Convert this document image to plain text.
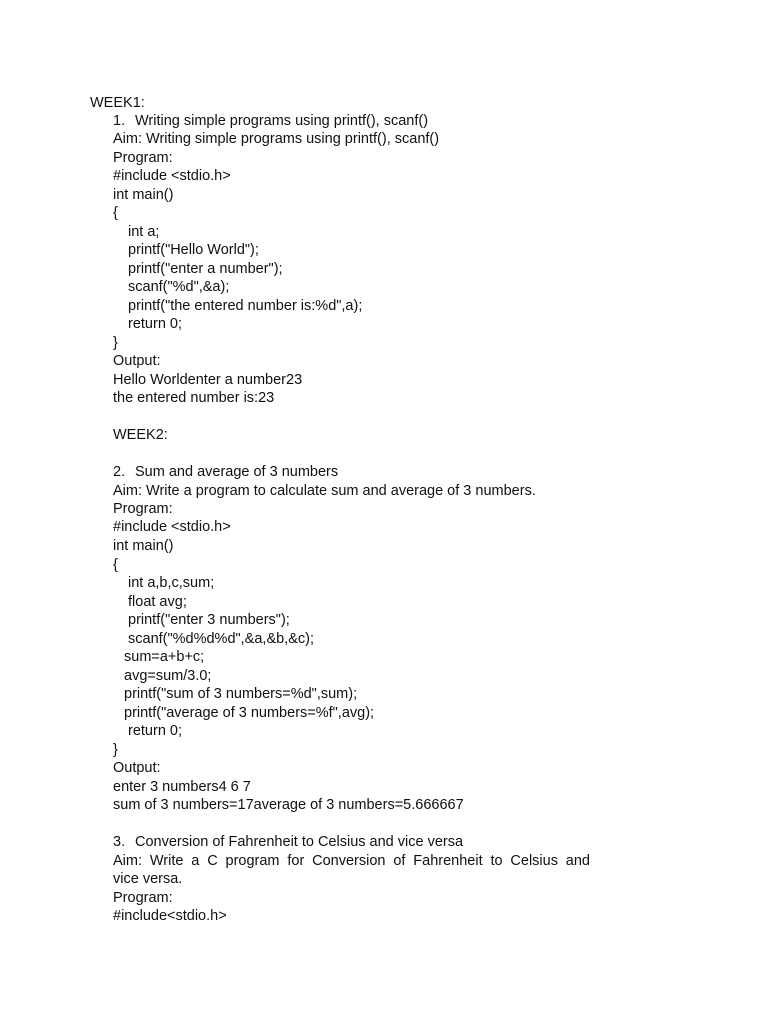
WEEK1:
1. Writing simple programs using printf(), scanf()
Aim: Writing simple programs using printf(), scanf()
Program:
#include <stdio.h>
int main()
{
int a;
printf("Hello World");
printf("enter a number");
scanf("%d",&a);
printf("the entered number is:%d",a);
return 0;
}
Output:
Hello Worldenter a number23
the entered number is:23
WEEK2:
2. Sum and average of 3 numbers
Aim: Write a program to calculate sum and average of 3 numbers.
Program:
#include <stdio.h>
int main()
{
int a,b,c,sum;
float avg;
printf("enter 3 numbers");
scanf("%d%d%d",&a,&b,&c);
sum=a+b+c;
avg=sum/3.0;
printf("sum of 3 numbers=%d",sum);
printf("average of 3 numbers=%f",avg);
return 0;
}
Output:
enter 3 numbers4 6 7
sum of 3 numbers=17average of 3 numbers=5.666667
3. Conversion of Fahrenheit to Celsius and vice versa
Aim: Write a C program for Conversion of Fahrenheit to Celsius and
vice versa.
Program:
#include<stdio.h>
